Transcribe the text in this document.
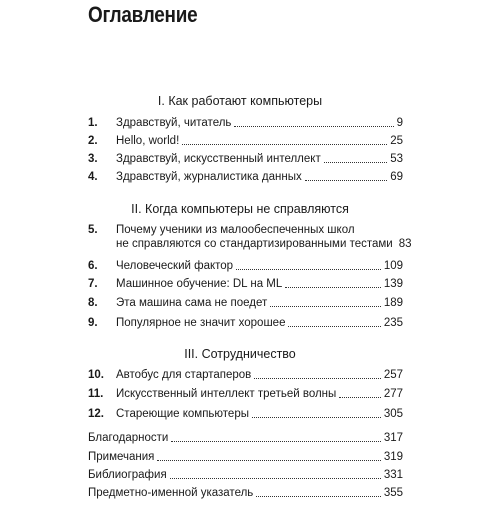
Оглавление
I. Как работают компьютеры
1.	Здравствуй, читатель	9
2.	Hello, world!	25
3.	Здравствуй, искусственный интеллект	53
4.	Здравствуй, журналистика данных	69
II. Когда компьютеры не справляются
5.	Почему ученики из малообеспеченных школ
не справляются со стандартизированными тестами 83
6.	Человеческий фактор	109
7.	Машинное обучение: DL на ML	139
8.	Эта машина сама не поедет	189
9.	Популярное не значит хорошее	235
III. Сотрудничество
10.	Автобус для стартаперов	257
11.	Искусственный интеллект третьей волны	277
12.	Стареющие компьютеры	305
Благодарности	317
Примечания	319
Библиография	331
Предметно-именной указатель	355
